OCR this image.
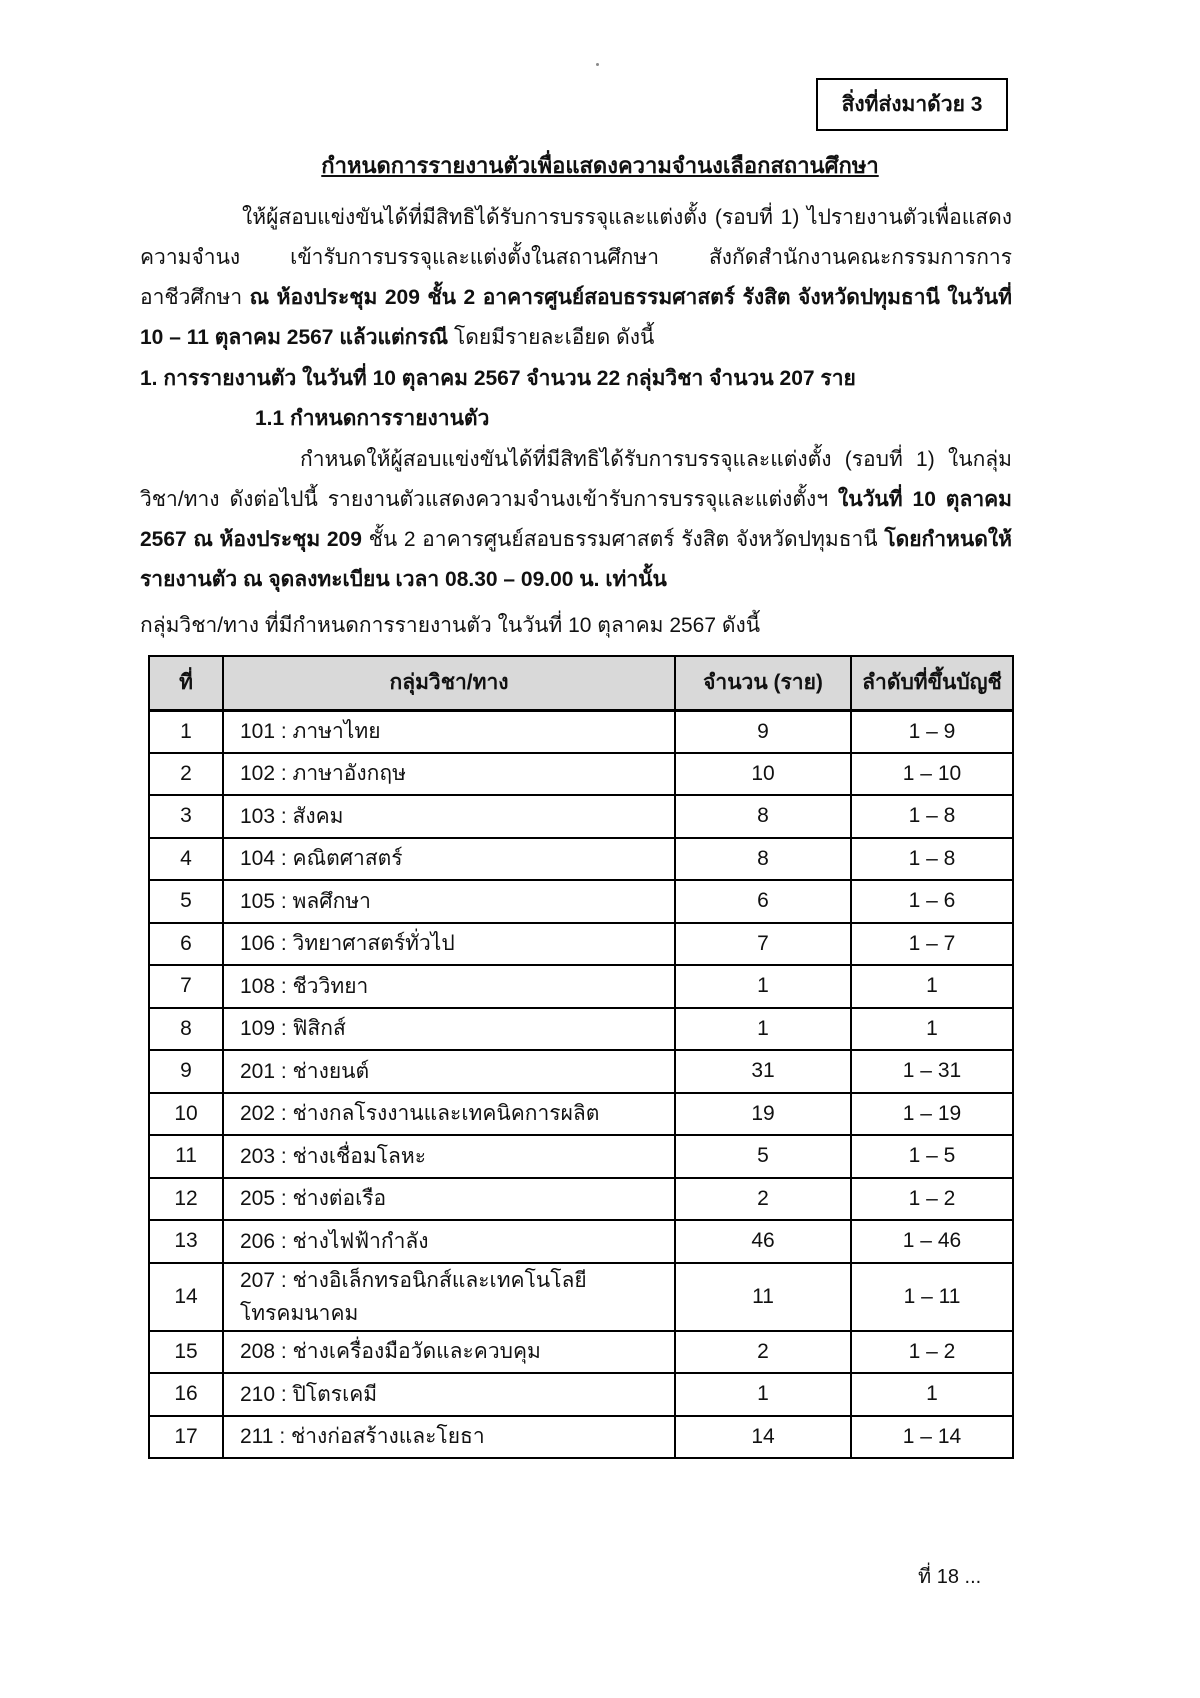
สิ่งที่ส่งมาด้วย 3
กำหนดการรายงานตัวเพื่อแสดงความจำนงเลือกสถานศึกษา
ให้ผู้สอบแข่งขันได้ที่มีสิทธิได้รับการบรรจุและแต่งตั้ง (รอบที่ 1) ไปรายงานตัวเพื่อแสดงความจำนง เข้ารับการบรรจุและแต่งตั้งในสถานศึกษา สังกัดสำนักงานคณะกรรมการการอาชีวศึกษา ณ ห้องประชุม 209 ชั้น 2 อาคารศูนย์สอบธรรมศาสตร์ รังสิต จังหวัดปทุมธานี ในวันที่ 10 – 11 ตุลาคม 2567 แล้วแต่กรณี โดยมีรายละเอียด ดังนี้
1. การรายงานตัว ในวันที่ 10 ตุลาคม 2567 จำนวน 22 กลุ่มวิชา จำนวน 207 ราย
1.1 กำหนดการรายงานตัว
กำหนดให้ผู้สอบแข่งขันได้ที่มีสิทธิได้รับการบรรจุและแต่งตั้ง (รอบที่ 1) ในกลุ่มวิชา/ทาง ดังต่อไปนี้ รายงานตัวแสดงความจำนงเข้ารับการบรรจุและแต่งตั้งฯ ในวันที่ 10 ตุลาคม 2567 ณ ห้องประชุม 209 ชั้น 2 อาคารศูนย์สอบธรรมศาสตร์ รังสิต จังหวัดปทุมธานี โดยกำหนดให้รายงานตัว ณ จุดลงทะเบียน เวลา 08.30 – 09.00 น. เท่านั้น
กลุ่มวิชา/ทาง ที่มีกำหนดการรายงานตัว ในวันที่ 10 ตุลาคม 2567 ดังนี้
ที่	กลุ่มวิชา/ทาง	จำนวน (ราย)	ลำดับที่ขึ้นบัญชี
1	101 : ภาษาไทย	9	1 – 9
2	102 : ภาษาอังกฤษ	10	1 – 10
3	103 : สังคม	8	1 – 8
4	104 : คณิตศาสตร์	8	1 – 8
5	105 : พลศึกษา	6	1 – 6
6	106 : วิทยาศาสตร์ทั่วไป	7	1 – 7
7	108 : ชีววิทยา	1	1
8	109 : ฟิสิกส์	1	1
9	201 : ช่างยนต์	31	1 – 31
10	202 : ช่างกลโรงงานและเทคนิคการผลิต	19	1 – 19
11	203 : ช่างเชื่อมโลหะ	5	1 – 5
12	205 : ช่างต่อเรือ	2	1 – 2
13	206 : ช่างไฟฟ้ากำลัง	46	1 – 46
14	207 : ช่างอิเล็กทรอนิกส์และเทคโนโลยีโทรคมนาคม	11	1 – 11
15	208 : ช่างเครื่องมือวัดและควบคุม	2	1 – 2
16	210 : ปิโตรเคมี	1	1
17	211 : ช่างก่อสร้างและโยธา	14	1 – 14
ที่ 18 ...
